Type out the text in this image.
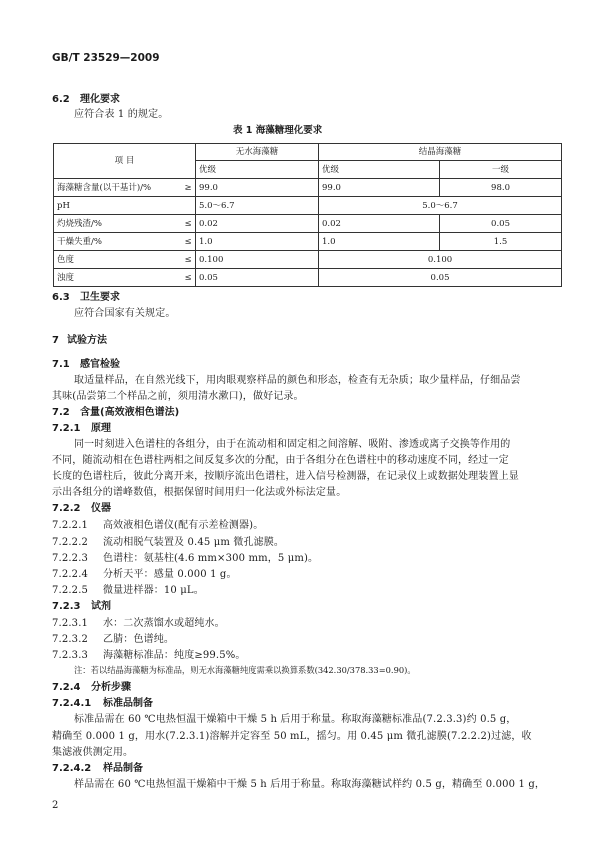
GB/T 23529—2009
6.2 理化要求
应符合表 1 的规定。
表 1 海藻糖理化要求
项 目		无水海藻糖	结晶海藻糖	
		优级	优级	一级
海藻糖含量(以干基计)/%	≥	99.0	99.0	98.0
pH		5.0～6.7	5.0～6.7	
灼烧残渣/%	≤	0.02	0.02	0.05
干燥失重/%	≤	1.0	1.0	1.5
色度	≤	0.100	0.100	
浊度	≤	0.05	0.05	
6.3 卫生要求
应符合国家有关规定。
7 试验方法
7.1 感官检验
取适量样品，在自然光线下，用肉眼观察样品的颜色和形态，检查有无杂质；取少量样品，仔细品尝
其味(品尝第二个样品之前，须用清水漱口)，做好记录。
7.2 含量(高效液相色谱法)
7.2.1 原理
同一时刻进入色谱柱的各组分，由于在流动相和固定相之间溶解、吸附、渗透或离子交换等作用的
不同，随流动相在色谱柱两相之间反复多次的分配，由于各组分在色谱柱中的移动速度不同，经过一定
长度的色谱柱后，彼此分离开来，按顺序流出色谱柱，进入信号检测器，在记录仪上或数据处理装置上显
示出各组分的谱峰数值，根据保留时间用归一化法或外标法定量。
7.2.2 仪器
7.2.2.1 高效液相色谱仪(配有示差检测器)。
7.2.2.2 流动相脱气装置及 0.45 μm 微孔滤膜。
7.2.2.3 色谱柱：氨基柱(4.6 mm×300 mm，5 μm)。
7.2.2.4 分析天平：感量 0.000 1 g。
7.2.2.5 微量进样器：10 μL。
7.2.3 试剂
7.2.3.1 水：二次蒸馏水或超纯水。
7.2.3.2 乙腈：色谱纯。
7.2.3.3 海藻糖标准品：纯度≥99.5%。
注：若以结晶海藻糖为标准品，则无水海藻糖纯度需乘以换算系数(342.30/378.33=0.90)。
7.2.4 分析步骤
7.2.4.1 标准品制备
标准品需在 60 ℃电热恒温干燥箱中干燥 5 h 后用于称量。称取海藻糖标准品(7.2.3.3)约 0.5 g，
精确至 0.000 1 g，用水(7.2.3.1)溶解并定容至 50 mL，摇匀。用 0.45 μm 微孔滤膜(7.2.2.2)过滤，收
集滤液供测定用。
7.2.4.2 样品制备
样品需在 60 ℃电热恒温干燥箱中干燥 5 h 后用于称量。称取海藻糖试样约 0.5 g，精确至 0.000 1 g，
2
